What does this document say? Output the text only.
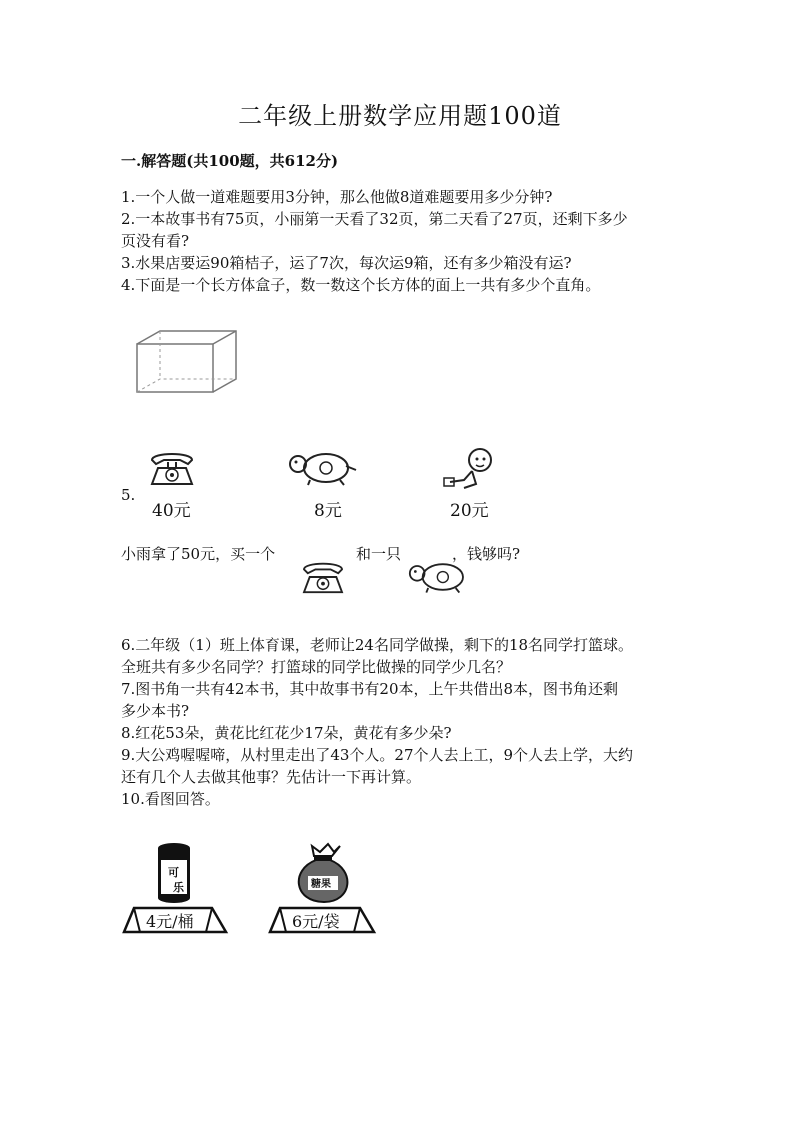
二年级上册数学应用题100道
一.解答题(共100题，共612分)
1.一个人做一道难题要用3分钟，那么他做8道难题要用多少分钟?
2.一本故事书有75页，小丽第一天看了32页，第二天看了27页，还剩下多少
页没有看?
3.水果店要运90箱桔子，运了7次，每次运9箱，还有多少箱没有运?
4.下面是一个长方体盒子，数一数这个长方体的面上一共有多少个直角。
5.
40元	8元	20元
小雨拿了50元，买一个	和一只	，钱够吗?
6.二年级（1）班上体育课，老师让24名同学做操，剩下的18名同学打篮球。
全班共有多少名同学？打篮球的同学比做操的同学少几名？
7.图书角一共有42本书，其中故事书有20本，上午共借出8本，图书角还剩
多少本书?
8.红花53朵，黄花比红花少17朵，黄花有多少朵?
9.大公鸡喔喔啼，从村里走出了43个人。27个人去上工，9个人去上学，大约
还有几个人去做其他事？先估计一下再计算。
10.看图回答。
可
乐
4元/桶
糖果
6元/袋
